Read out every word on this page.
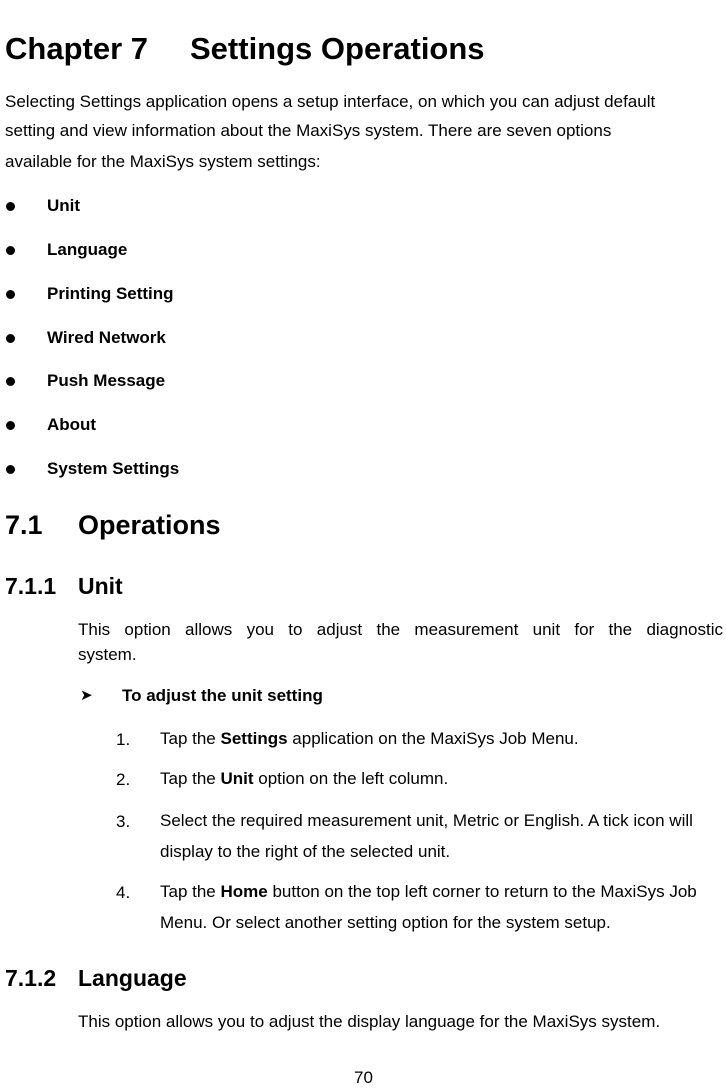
Chapter 7 Settings Operations
Selecting Settings application opens a setup interface, on which you can adjust default
setting and view information about the MaxiSys system. There are seven options
available for the MaxiSys system settings:
Unit
Language
Printing Setting
Wired Network
Push Message
About
System Settings
7.1 Operations
7.1.1 Unit
This option allows you to adjust the measurement unit for the diagnostic
system.
➤ To adjust the unit setting
1. Tap the Settings application on the MaxiSys Job Menu.
2. Tap the Unit option on the left column.
3. Select the required measurement unit, Metric or English. A tick icon will display to the right of the selected unit.
4. Tap the Home button on the top left corner to return to the MaxiSys Job Menu. Or select another setting option for the system setup.
7.1.2 Language
This option allows you to adjust the display language for the MaxiSys system.
70
